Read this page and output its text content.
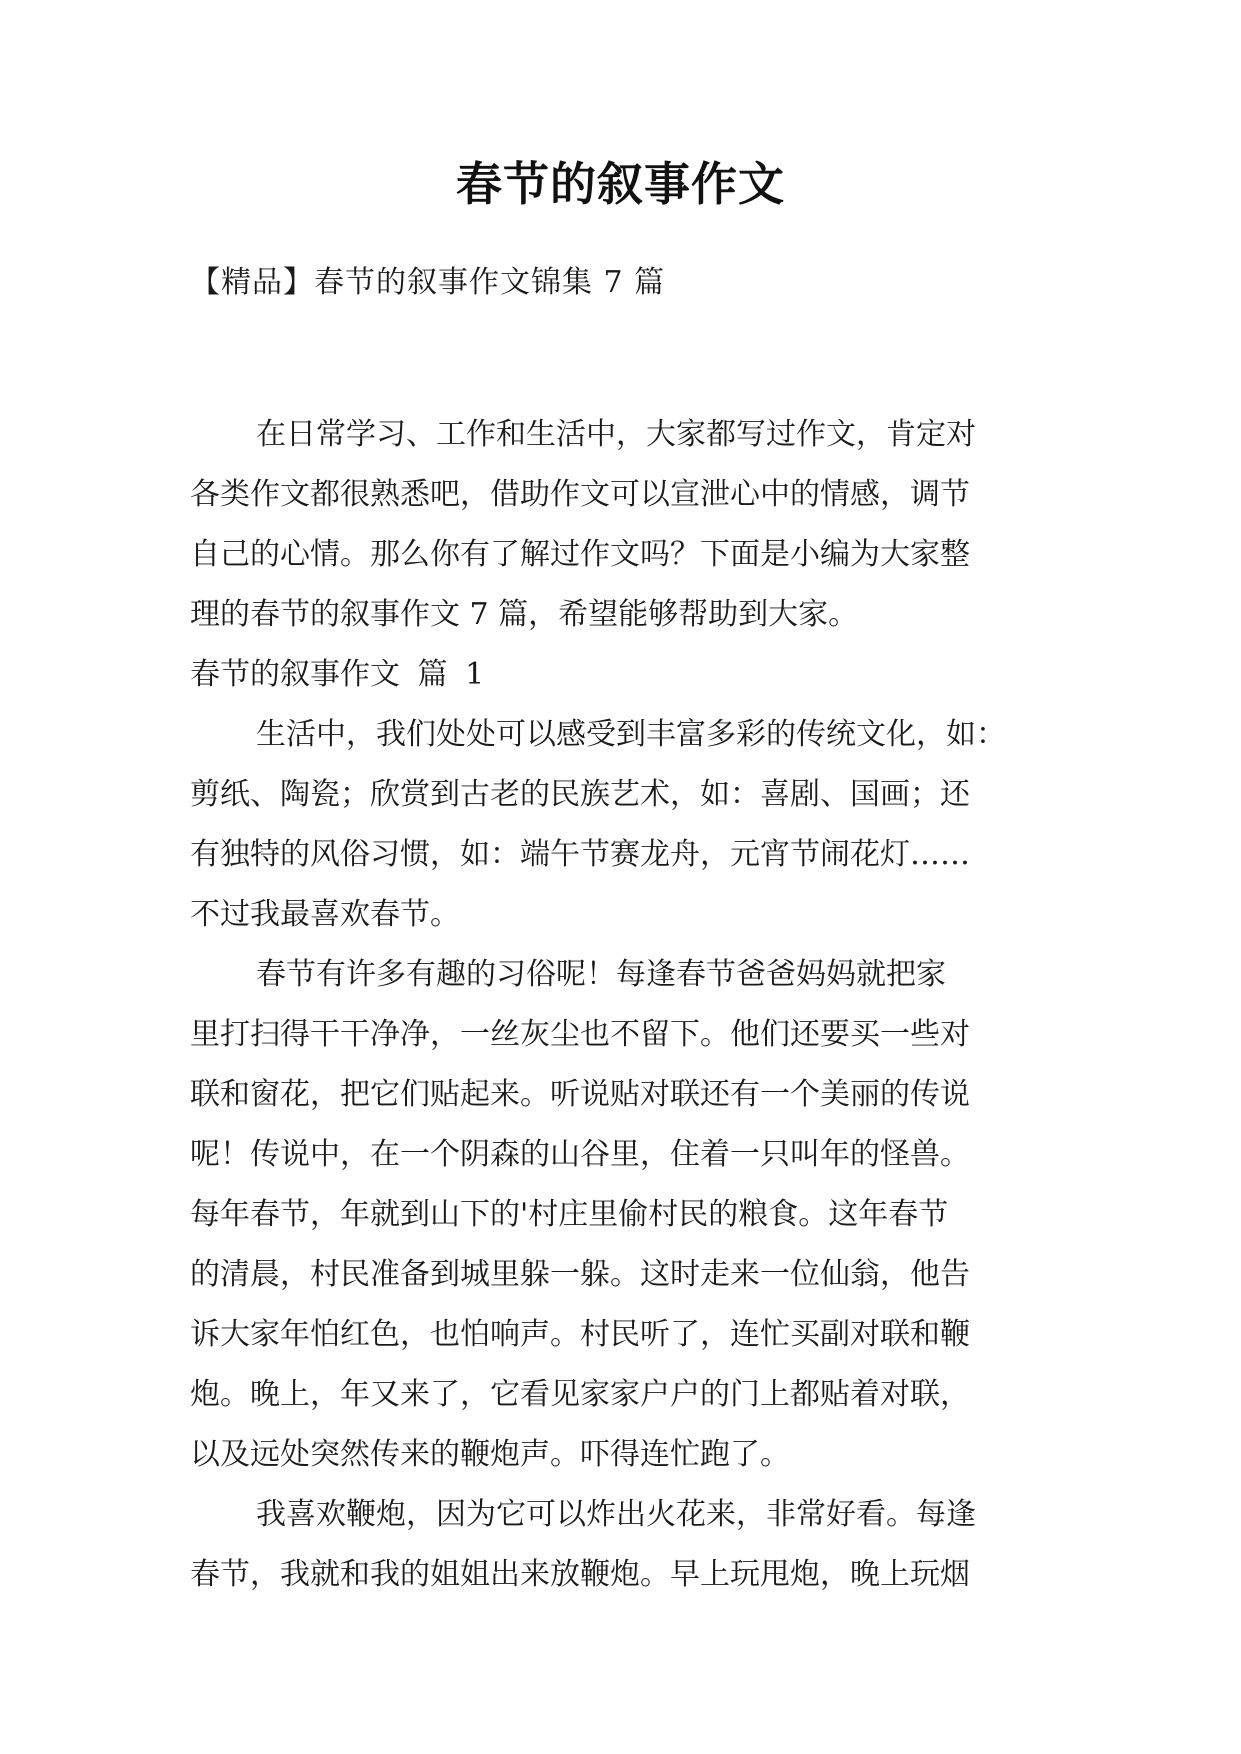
春节的叙事作文
【精品】春节的叙事作文锦集 7 篇
在日常学习、工作和生活中，大家都写过作文，肯定对
各类作文都很熟悉吧，借助作文可以宣泄心中的情感，调节
自己的心情。那么你有了解过作文吗？下面是小编为大家整
理的春节的叙事作文 7 篇，希望能够帮助到大家。
春节的叙事作文 篇 1
生活中，我们处处可以感受到丰富多彩的传统文化，如：
剪纸、陶瓷；欣赏到古老的民族艺术，如：喜剧、国画；还
有独特的风俗习惯，如：端午节赛龙舟，元宵节闹花灯……
不过我最喜欢春节。
春节有许多有趣的习俗呢！每逢春节爸爸妈妈就把家
里打扫得干干净净，一丝灰尘也不留下。他们还要买一些对
联和窗花，把它们贴起来。听说贴对联还有一个美丽的传说
呢！传说中，在一个阴森的山谷里，住着一只叫年的怪兽。
每年春节，年就到山下的'村庄里偷村民的粮食。这年春节
的清晨，村民准备到城里躲一躲。这时走来一位仙翁，他告
诉大家年怕红色，也怕响声。村民听了，连忙买副对联和鞭
炮。晚上，年又来了，它看见家家户户的门上都贴着对联，
以及远处突然传来的鞭炮声。吓得连忙跑了。
我喜欢鞭炮，因为它可以炸出火花来，非常好看。每逢
春节，我就和我的姐姐出来放鞭炮。早上玩甩炮，晚上玩烟
